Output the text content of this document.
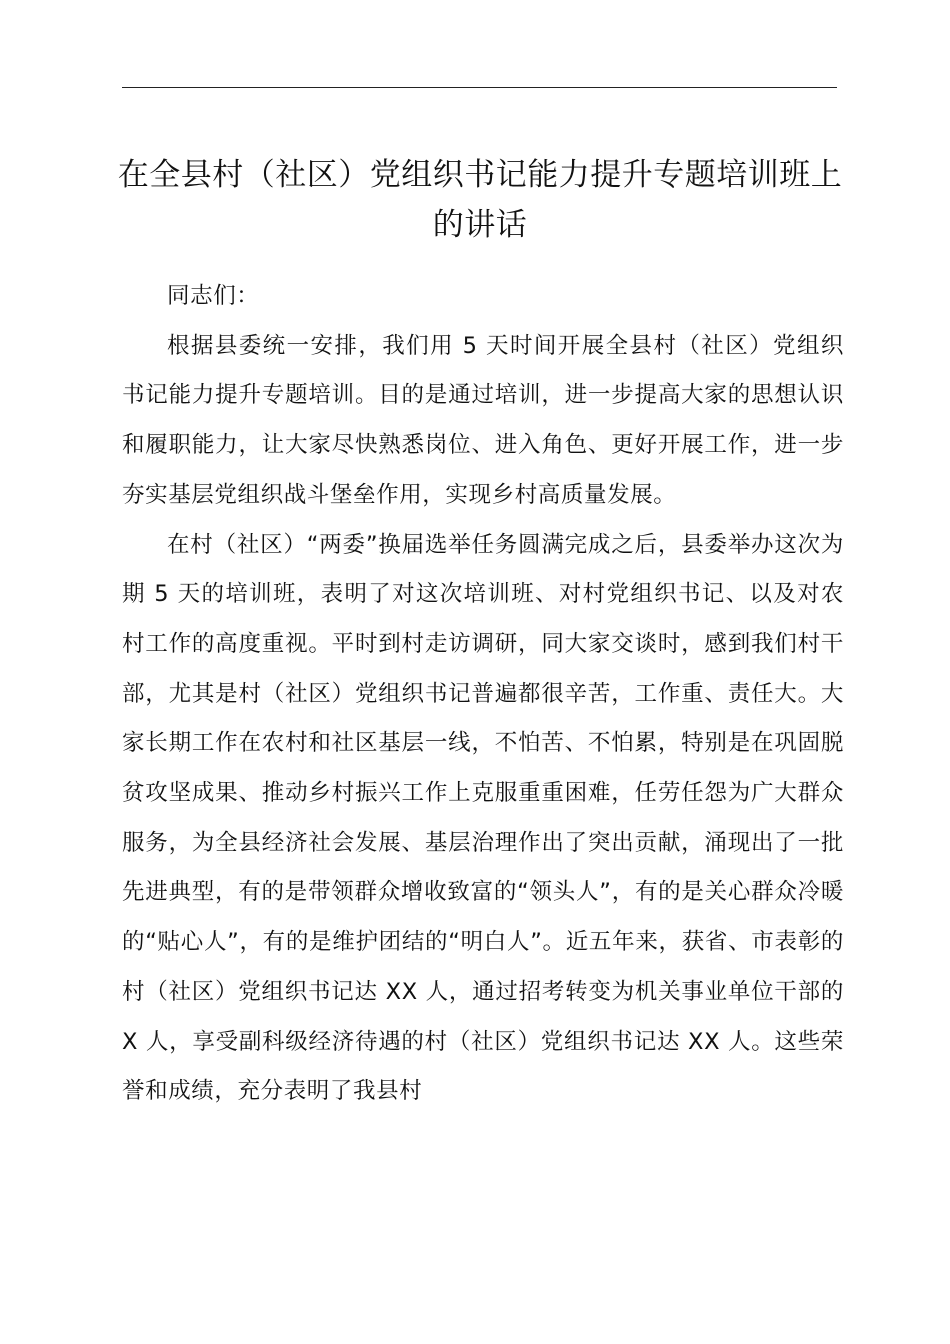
在全县村（社区）党组织书记能力提升专题培训班上的讲话

同志们：

根据县委统一安排，我们用 5 天时间开展全县村（社区）党组织书记能力提升专题培训。目的是通过培训，进一步提高大家的思想认识和履职能力，让大家尽快熟悉岗位、进入角色、更好开展工作，进一步夯实基层党组织战斗堡垒作用，实现乡村高质量发展。

在村（社区）“两委”换届选举任务圆满完成之后，县委举办这次为期 5 天的培训班，表明了对这次培训班、对村党组织书记、以及对农村工作的高度重视。平时到村走访调研，同大家交谈时，感到我们村干部，尤其是村（社区）党组织书记普遍都很辛苦，工作重、责任大。大家长期工作在农村和社区基层一线，不怕苦、不怕累，特别是在巩固脱贫攻坚成果、推动乡村振兴工作上克服重重困难，任劳任怨为广大群众服务，为全县经济社会发展、基层治理作出了突出贡献，涌现出了一批先进典型，有的是带领群众增收致富的“领头人”，有的是关心群众冷暖的“贴心人”，有的是维护团结的“明白人”。近五年来，获省、市表彰的村（社区）党组织书记达 XX 人，通过招考转变为机关事业单位干部的 X 人，享受副科级经济待遇的村（社区）党组织书记达 XX 人。这些荣誉和成绩，充分表明了我县村
